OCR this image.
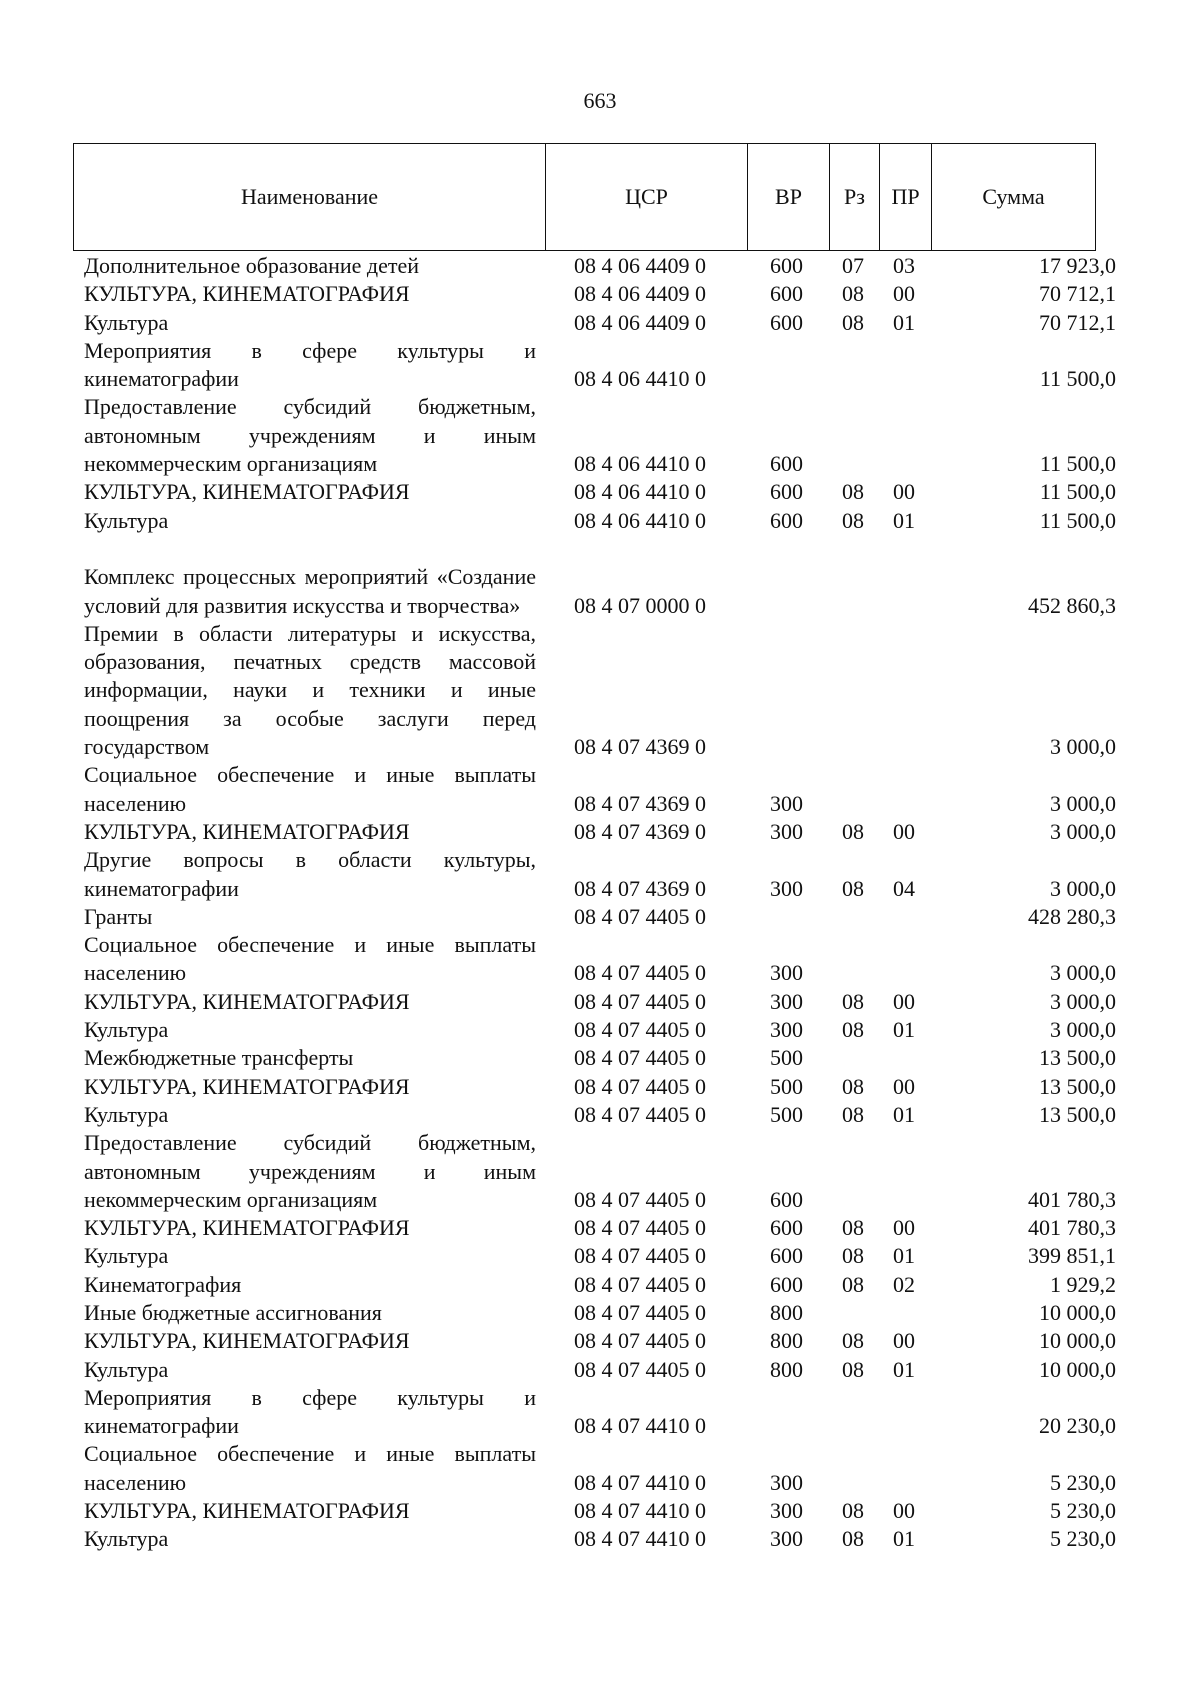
663
Наименование	ЦСР	ВР	Рз	ПР	Сумма
Дополнительное образование детей	08 4 06 4409 0	600 07 03	17 923,0
КУЛЬТУРА, КИНЕМАТОГРАФИЯ	08 4 06 4409 0	600 08 00	70 712,1
Культура	08 4 06 4409 0	600 08 01	70 712,1
Мероприятия в сфере культуры и кинематографии	08 4 06 4410 0	11 500,0
Предоставление субсидий бюджетным, автономным учреждениям и иным некоммерческим организациям	08 4 06 4410 0	600	11 500,0
КУЛЬТУРА, КИНЕМАТОГРАФИЯ	08 4 06 4410 0	600 08 00	11 500,0
Культура	08 4 06 4410 0	600 08 01	11 500,0
Комплекс процессных мероприятий «Создание условий для развития искусства и творчества»	08 4 07 0000 0	452 860,3
Премии в области литературы и искусства, образования, печатных средств массовой информации, науки и техники и иные поощрения за особые заслуги перед государством	08 4 07 4369 0	3 000,0
Социальное обеспечение и иные выплаты населению	08 4 07 4369 0	300	3 000,0
КУЛЬТУРА, КИНЕМАТОГРАФИЯ	08 4 07 4369 0	300 08 00	3 000,0
Другие вопросы в области культуры, кинематографии	08 4 07 4369 0	300 08 04	3 000,0
Гранты	08 4 07 4405 0	428 280,3
Социальное обеспечение и иные выплаты населению	08 4 07 4405 0	300	3 000,0
КУЛЬТУРА, КИНЕМАТОГРАФИЯ	08 4 07 4405 0	300 08 00	3 000,0
Культура	08 4 07 4405 0	300 08 01	3 000,0
Межбюджетные трансферты	08 4 07 4405 0	500	13 500,0
КУЛЬТУРА, КИНЕМАТОГРАФИЯ	08 4 07 4405 0	500 08 00	13 500,0
Культура	08 4 07 4405 0	500 08 01	13 500,0
Предоставление субсидий бюджетным, автономным учреждениям и иным некоммерческим организациям	08 4 07 4405 0	600	401 780,3
КУЛЬТУРА, КИНЕМАТОГРАФИЯ	08 4 07 4405 0	600 08 00	401 780,3
Культура	08 4 07 4405 0	600 08 01	399 851,1
Кинематография	08 4 07 4405 0	600 08 02	1 929,2
Иные бюджетные ассигнования	08 4 07 4405 0	800	10 000,0
КУЛЬТУРА, КИНЕМАТОГРАФИЯ	08 4 07 4405 0	800 08 00	10 000,0
Культура	08 4 07 4405 0	800 08 01	10 000,0
Мероприятия в сфере культуры и кинематографии	08 4 07 4410 0	20 230,0
Социальное обеспечение и иные выплаты населению	08 4 07 4410 0	300	5 230,0
КУЛЬТУРА, КИНЕМАТОГРАФИЯ	08 4 07 4410 0	300 08 00	5 230,0
Культура	08 4 07 4410 0	300 08 01	5 230,0
